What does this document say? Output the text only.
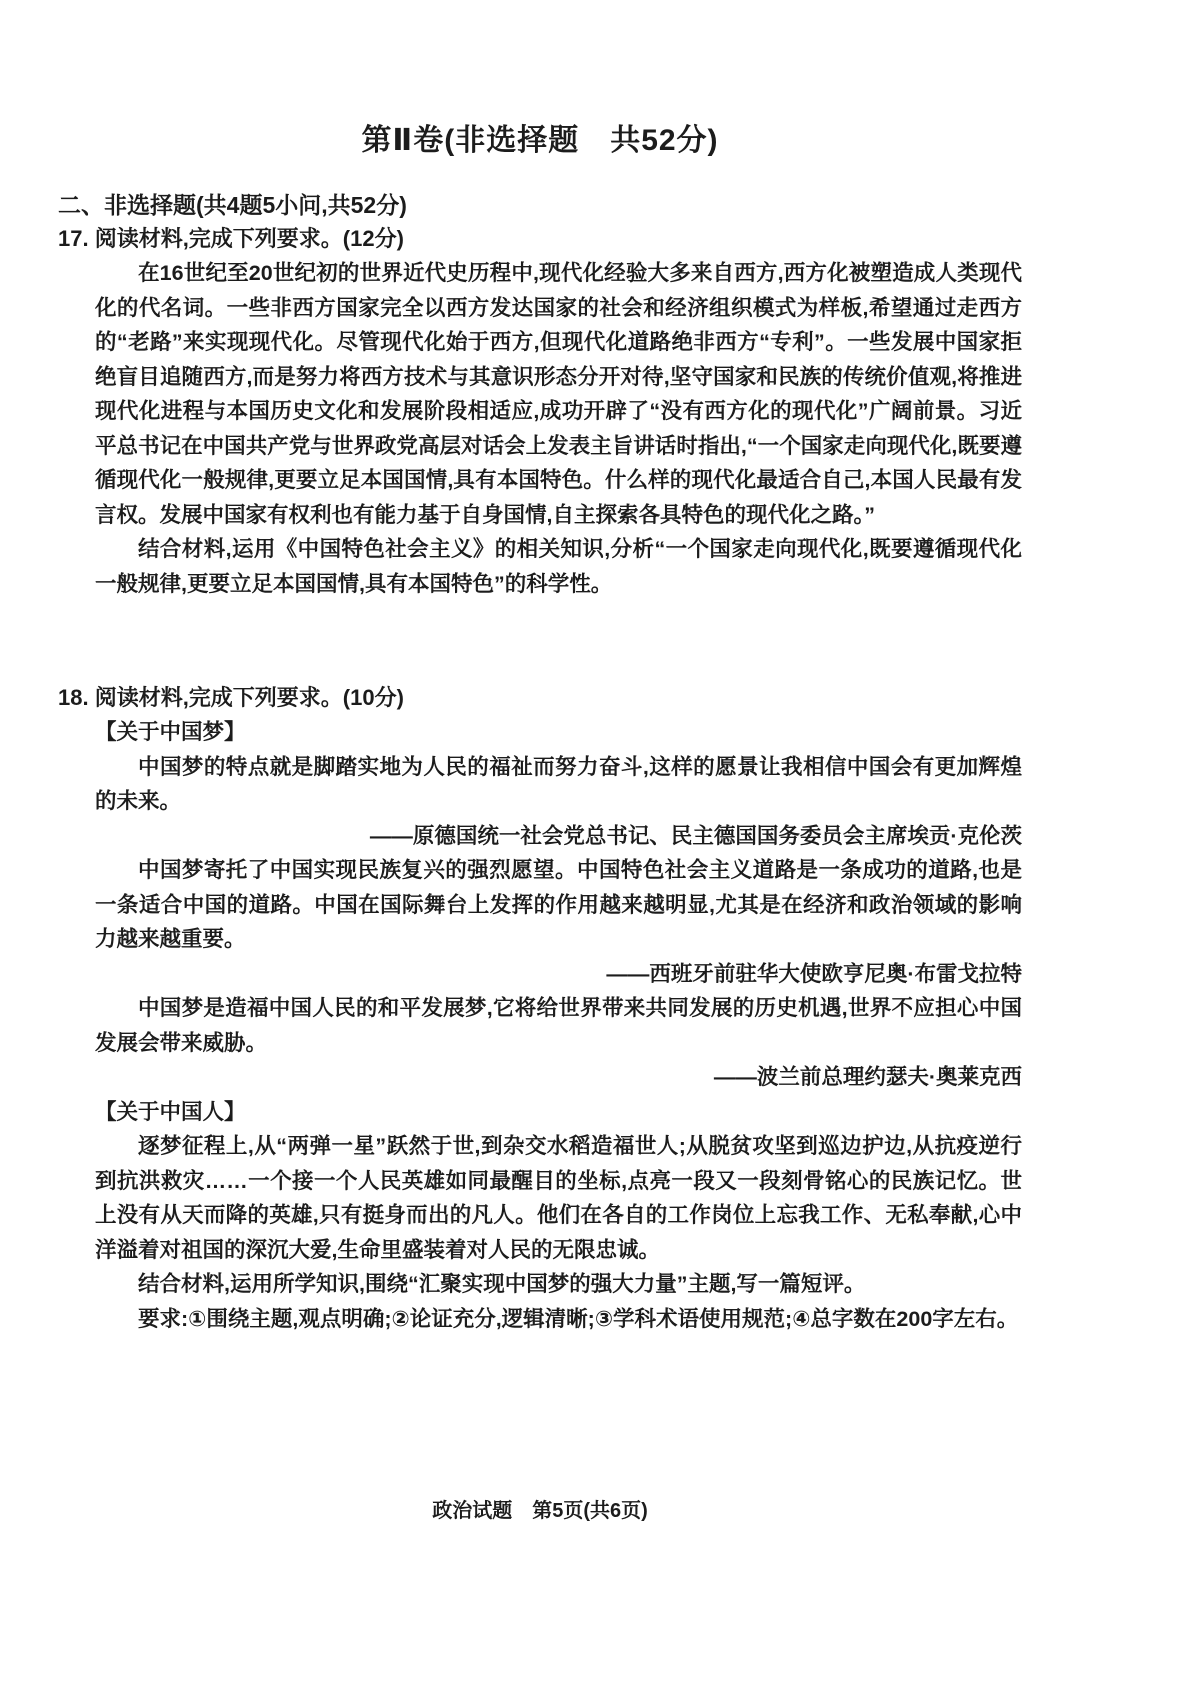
第Ⅱ卷(非选择题　共52分)
二、非选择题(共4题5小问,共52分)
17. 阅读材料,完成下列要求。(12分)

在16世纪至20世纪初的世界近代史历程中,现代化经验大多来自西方,西方化被塑造成人类现代化的代名词。一些非西方国家完全以西方发达国家的社会和经济组织模式为样板,希望通过走西方的“老路”来实现现代化。尽管现代化始于西方,但现代化道路绝非西方“专利”。一些发展中国家拒绝盲目追随西方,而是努力将西方技术与其意识形态分开对待,坚守国家和民族的传统价值观,将推进现代化进程与本国历史文化和发展阶段相适应,成功开辟了“没有西方化的现代化”广阔前景。习近平总书记在中国共产党与世界政党高层对话会上发表主旨讲话时指出,“一个国家走向现代化,既要遵循现代化一般规律,更要立足本国国情,具有本国特色。什么样的现代化最适合自己,本国人民最有发言权。发展中国家有权利也有能力基于自身国情,自主探索各具特色的现代化之路。”

结合材料,运用《中国特色社会主义》的相关知识,分析“一个国家走向现代化,既要遵循现代化一般规律,更要立足本国国情,具有本国特色”的科学性。

18. 阅读材料,完成下列要求。(10分)

【关于中国梦】

中国梦的特点就是脚踏实地为人民的福祉而努力奋斗,这样的愿景让我相信中国会有更加辉煌的未来。

——原德国统一社会党总书记、民主德国国务委员会主席埃贡·克伦茨

中国梦寄托了中国实现民族复兴的强烈愿望。中国特色社会主义道路是一条成功的道路,也是一条适合中国的道路。中国在国际舞台上发挥的作用越来越明显,尤其是在经济和政治领域的影响力越来越重要。

——西班牙前驻华大使欧亨尼奥·布雷戈拉特

中国梦是造福中国人民的和平发展梦,它将给世界带来共同发展的历史机遇,世界不应担心中国发展会带来威胁。

——波兰前总理约瑟夫·奥莱克西

【关于中国人】

逐梦征程上,从“两弹一星”跃然于世,到杂交水稻造福世人;从脱贫攻坚到巡边护边,从抗疫逆行到抗洪救灾……一个接一个人民英雄如同最醒目的坐标,点亮一段又一段刻骨铭心的民族记忆。世上没有从天而降的英雄,只有挺身而出的凡人。他们在各自的工作岗位上忘我工作、无私奉献,心中洋溢着对祖国的深沉大爱,生命里盛装着对人民的无限忠诚。

结合材料,运用所学知识,围绕“汇聚实现中国梦的强大力量”主题,写一篇短评。

要求:①围绕主题,观点明确;②论证充分,逻辑清晰;③学科术语使用规范;④总字数在200字左右。

政治试题　第5页(共6页)
